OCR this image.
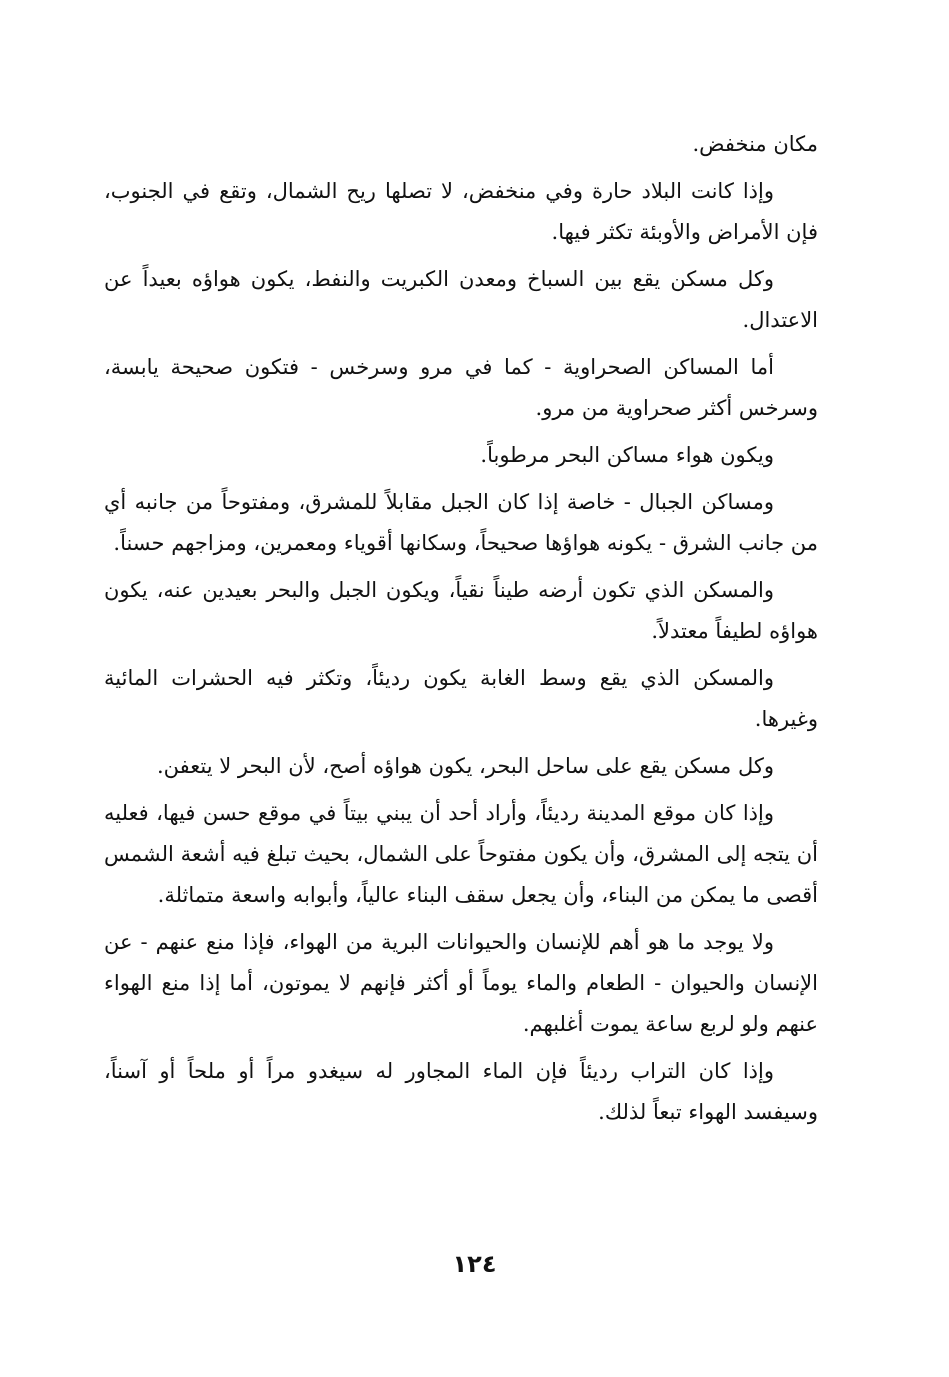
مكان منخفض.

وإذا كانت البلاد حارة وفي منخفض، لا تصلها ريح الشمال، وتقع في الجنوب، فإن الأمراض والأوبئة تكثر فيها.

وكل مسكن يقع بين السباخ ومعدن الكبريت والنفط، يكون هواؤه بعيداً عن الاعتدال.

أما المساكن الصحراوية - كما في مرو وسرخس - فتكون صحيحة يابسة، وسرخس أكثر صحراوية من مرو.

ويكون هواء مساكن البحر مرطوباً.

ومساكن الجبال - خاصة إذا كان الجبل مقابلاً للمشرق، ومفتوحاً من جانبه أي من جانب الشرق - يكونه هواؤها صحيحاً، وسكانها أقوياء ومعمرين، ومزاجهم حسناً.

والمسكن الذي تكون أرضه طيناً نقياً، ويكون الجبل والبحر بعيدين عنه، يكون هواؤه لطيفاً معتدلاً.

والمسكن الذي يقع وسط الغابة يكون رديئاً، وتكثر فيه الحشرات المائية وغيرها.

وكل مسكن يقع على ساحل البحر، يكون هواؤه أصح، لأن البحر لا يتعفن.

وإذا كان موقع المدينة رديئاً، وأراد أحد أن يبني بيتاً في موقع حسن فيها، فعليه أن يتجه إلى المشرق، وأن يكون مفتوحاً على الشمال، بحيث تبلغ فيه أشعة الشمس أقصى ما يمكن من البناء، وأن يجعل سقف البناء عالياً، وأبوابه واسعة متماثلة.

ولا يوجد ما هو أهم للإنسان والحيوانات البرية من الهواء، فإذا منع عنهم - عن الإنسان والحيوان - الطعام والماء يوماً أو أكثر فإنهم لا يموتون، أما إذا منع الهواء عنهم ولو لربع ساعة يموت أغلبهم.

وإذا كان التراب رديئاً فإن الماء المجاور له سيغدو مراً أو ملحاً أو آسناً، وسيفسد الهواء تبعاً لذلك.

١٢٤
